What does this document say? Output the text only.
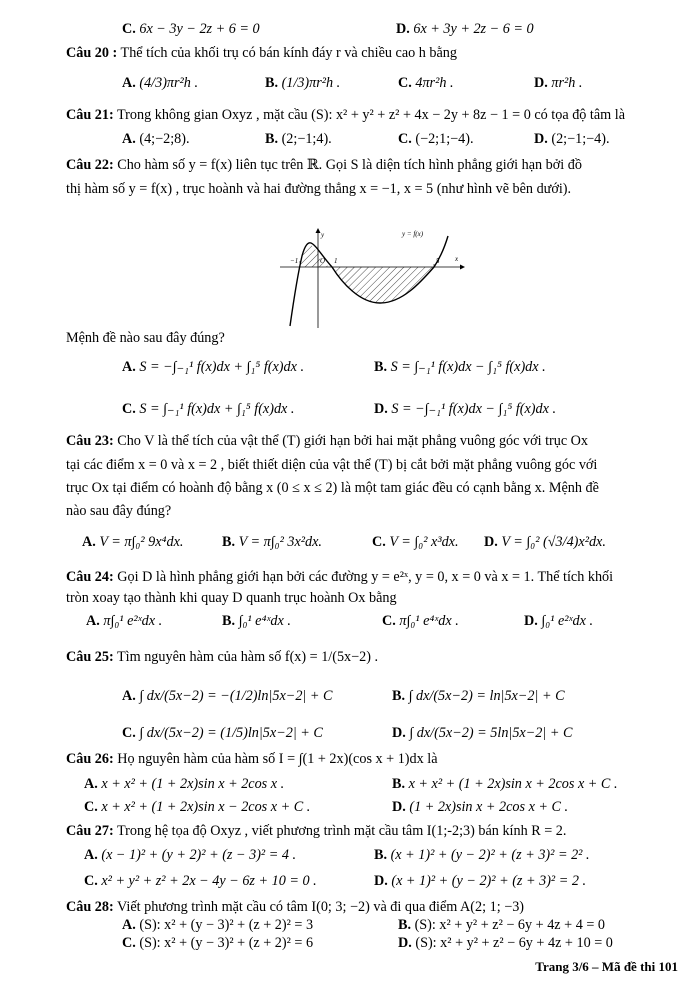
C. 6x − 3y − 2z + 6 = 0	D. 6x + 3y + 2z − 6 = 0
Câu 20 : Thể tích của khối trụ có bán kính đáy r và chiều cao h bằng
A. (4/3)πr²h .	B. (1/3)πr²h .	C. 4πr²h .	D. πr²h .
Câu 21: Trong không gian Oxyz , mặt cầu (S): x² + y² + z² + 4x − 2y + 8z − 1 = 0 có tọa độ tâm là
A. (4;−2;8).	B. (2;−1;4).	C. (−2;1;−4).	D. (2;−1;−4).
Câu 22: Cho hàm số y = f(x) liên tục trên ℝ. Gọi S là diện tích hình phẳng giới hạn bởi đồ
thị hàm số y = f(x) , trục hoành và hai đường thẳng x = −1, x = 5 (như hình vẽ bên dưới).
y = f(x)
x
y
O
−1	1	5
Mệnh đề nào sau đây đúng?
A. S = −∫₋₁¹ f(x)dx + ∫₁⁵ f(x)dx .	B. S = ∫₋₁¹ f(x)dx − ∫₁⁵ f(x)dx .
C. S = ∫₋₁¹ f(x)dx + ∫₁⁵ f(x)dx .	D. S = −∫₋₁¹ f(x)dx − ∫₁⁵ f(x)dx .
Câu 23: Cho V là thể tích của vật thể (T) giới hạn bởi hai mặt phẳng vuông góc với trục Ox
tại các điểm x = 0 và x = 2 , biết thiết diện của vật thể (T) bị cắt bởi mặt phẳng vuông góc với
trục Ox tại điểm có hoành độ bằng x (0 ≤ x ≤ 2) là một tam giác đều có cạnh bằng x. Mệnh đề
nào sau đây đúng?
A. V = π∫₀² 9x⁴dx.	B. V = π∫₀² 3x²dx.	C. V = ∫₀² x³dx. D. V = ∫₀² (√3/4)x²dx.
Câu 24: Gọi D là hình phẳng giới hạn bởi các đường y = e²ˣ, y = 0, x = 0 và x = 1. Thể tích khối
tròn xoay tạo thành khi quay D quanh trục hoành Ox bằng
A. π∫₀¹ e²ˣdx .	B. ∫₀¹ e⁴ˣdx .	C. π∫₀¹ e⁴ˣdx .	D. ∫₀¹ e²ˣdx .
Câu 25: Tìm nguyên hàm của hàm số f(x) = 1/(5x−2) .
A. ∫ dx/(5x−2) = −(1/2)ln|5x−2| + C	B. ∫ dx/(5x−2) = ln|5x−2| + C
C. ∫ dx/(5x−2) = (1/5)ln|5x−2| + C	D. ∫ dx/(5x−2) = 5ln|5x−2| + C
Câu 26: Họ nguyên hàm của hàm số I = ∫(1 + 2x)(cos x + 1)dx là
A. x + x² + (1 + 2x)sin x + 2cos x .	B. x + x² + (1 + 2x)sin x + 2cos x + C .
C. x + x² + (1 + 2x)sin x − 2cos x + C .	D. (1 + 2x)sin x + 2cos x + C .
Câu 27: Trong hệ tọa độ Oxyz , viết phương trình mặt cầu tâm I(1;-2;3) bán kính R = 2.
A. (x − 1)² + (y + 2)² + (z − 3)² = 4 .	B. (x + 1)² + (y − 2)² + (z + 3)² = 2² .
C. x² + y² + z² + 2x − 4y − 6z + 10 = 0 .	D. (x + 1)² + (y − 2)² + (z + 3)² = 2 .
Câu 28: Viết phương trình mặt cầu có tâm I(0; 3; −2) và đi qua điểm A(2; 1; −3)
A. (S): x² + (y − 3)² + (z + 2)² = 3	B. (S): x² + y² + z² − 6y + 4z + 4 = 0
C. (S): x² + (y − 3)² + (z + 2)² = 6	D. (S): x² + y² + z² − 6y + 4z + 10 = 0
Trang 3/6 – Mã đề thi 101
